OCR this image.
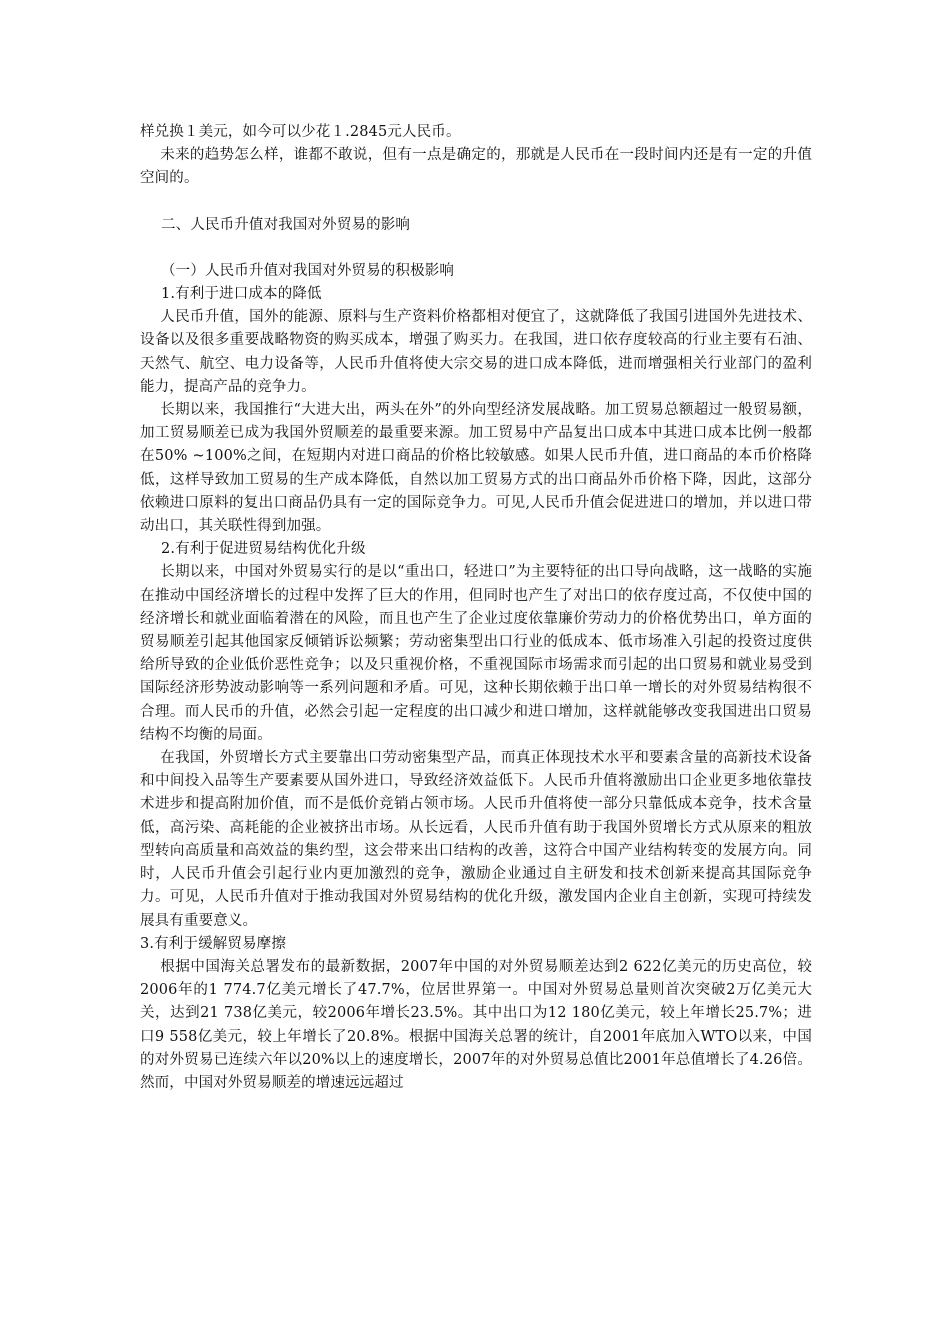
样兑换１美元，如今可以少花１.2845元人民币。

未来的趋势怎么样，谁都不敢说，但有一点是确定的，那就是人民币在一段时间内还是有一定的升值空间的。

二、人民币升值对我国对外贸易的影响

（一）人民币升值对我国对外贸易的积极影响

1.有利于进口成本的降低

人民币升值，国外的能源、原料与生产资料价格都相对便宜了，这就降低了我国引进国外先进技术、设备以及很多重要战略物资的购买成本，增强了购买力。在我国，进口依存度较高的行业主要有石油、天然气、航空、电力设备等，人民币升值将使大宗交易的进口成本降低，进而增强相关行业部门的盈利能力，提高产品的竞争力。

长期以来，我国推行“大进大出，两头在外”的外向型经济发展战略。加工贸易总额超过一般贸易额，加工贸易顺差已成为我国外贸顺差的最重要来源。加工贸易中产品复出口成本中其进口成本比例一般都在50% ~100%之间，在短期内对进口商品的价格比较敏感。如果人民币升值，进口商品的本币价格降低，这样导致加工贸易的生产成本降低，自然以加工贸易方式的出口商品外币价格下降，因此，这部分依赖进口原料的复出口商品仍具有一定的国际竞争力。可见,人民币升值会促进进口的增加，并以进口带动出口，其关联性得到加强。

2.有利于促进贸易结构优化升级

长期以来，中国对外贸易实行的是以“重出口，轻进口”为主要特征的出口导向战略，这一战略的实施在推动中国经济增长的过程中发挥了巨大的作用，但同时也产生了对出口的依存度过高，不仅使中国的经济增长和就业面临着潜在的风险，而且也产生了企业过度依靠廉价劳动力的价格优势出口，单方面的贸易顺差引起其他国家反倾销诉讼频繁；劳动密集型出口行业的低成本、低市场准入引起的投资过度供给所导致的企业低价恶性竞争；以及只重视价格，不重视国际市场需求而引起的出口贸易和就业易受到国际经济形势波动影响等一系列问题和矛盾。可见，这种长期依赖于出口单一增长的对外贸易结构很不合理。而人民币的升值，必然会引起一定程度的出口减少和进口增加，这样就能够改变我国进出口贸易结构不均衡的局面。

在我国，外贸增长方式主要靠出口劳动密集型产品，而真正体现技术水平和要素含量的高新技术设备和中间投入品等生产要素要从国外进口，导致经济效益低下。人民币升值将激励出口企业更多地依靠技术进步和提高附加价值，而不是低价竞销占领市场。人民币升值将使一部分只靠低成本竞争，技术含量低，高污染、高耗能的企业被挤出市场。从长远看，人民币升值有助于我国外贸增长方式从原来的粗放型转向高质量和高效益的集约型，这会带来出口结构的改善，这符合中国产业结构转变的发展方向。同时，人民币升值会引起行业内更加激烈的竞争，激励企业通过自主研发和技术创新来提高其国际竞争力。可见，人民币升值对于推动我国对外贸易结构的优化升级，激发国内企业自主创新，实现可持续发展具有重要意义。

3.有利于缓解贸易摩擦

根据中国海关总署发布的最新数据，2007年中国的对外贸易顺差达到2 622亿美元的历史高位，较2006年的1 774.7亿美元增长了47.7%，位居世界第一。中国对外贸易总量则首次突破2万亿美元大关，达到21 738亿美元，较2006年增长23.5%。其中出口为12 180亿美元，较上年增长25.7%；进口9 558亿美元，较上年增长了20.8%。根据中国海关总署的统计，自2001年底加入WTO以来，中国的对外贸易已连续六年以20%以上的速度增长，2007年的对外贸易总值比2001年总值增长了4.26倍。然而，中国对外贸易顺差的增速远远超过
